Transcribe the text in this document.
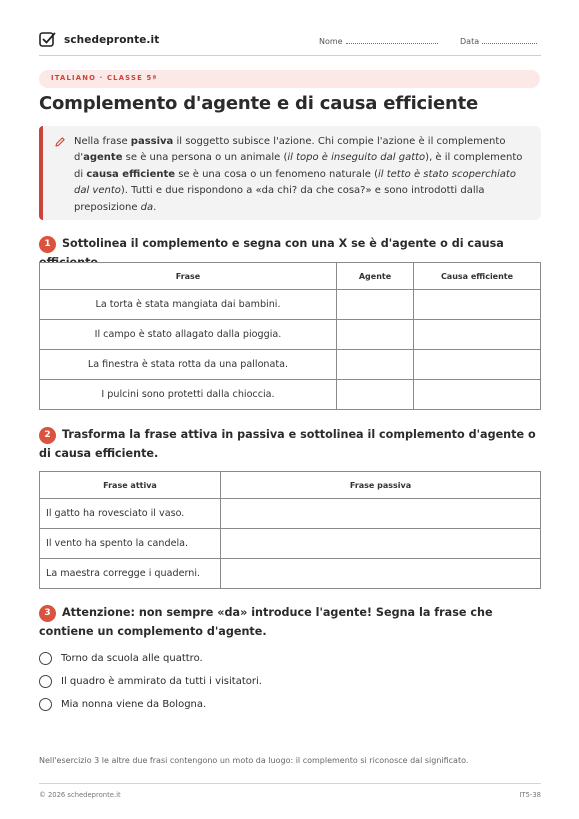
schedepronte.it	Nome	Data
ITALIANO · CLASSE 5ª
Complemento d'agente e di causa efficiente

Nella frase passiva il soggetto subisce l'azione. Chi compie l'azione è il complemento d'agente se è una persona o un animale (il topo è inseguito dal gatto), è il complemento di causa efficiente se è una cosa o un fenomeno naturale (il tetto è stato scoperchiato dal vento). Tutti e due rispondono a «da chi? da che cosa?» e sono introdotti dalla preposizione da.

1 Sottolinea il complemento e segna con una X se è d'agente o di causa
Frase	Agente	Causa efficiente
La torta è stata mangiata dai bambini.		
Il campo è stato allagato dalla pioggia.		
La finestra è stata rotta da una pallonata.		
I pulcini sono protetti dalla chioccia.		
2 Trasforma la frase attiva in passiva e sottolinea il complemento d'agente o di causa efficiente.
Frase attiva	Frase passiva
Il gatto ha rovesciato il vaso.	
Il vento ha spento la candela.	
La maestra corregge i quaderni.	
3 Attenzione: non sempre «da» introduce l'agente! Segna la frase che contiene un complemento d'agente.
Torno da scuola alle quattro.
Il quadro è ammirato da tutti i visitatori.
Mia nonna viene da Bologna.
Nell'esercizio 3 le altre due frasi contengono un moto da luogo: il complemento si riconosce dal significato.
© 2026 schedepronte.it	IT5-38
